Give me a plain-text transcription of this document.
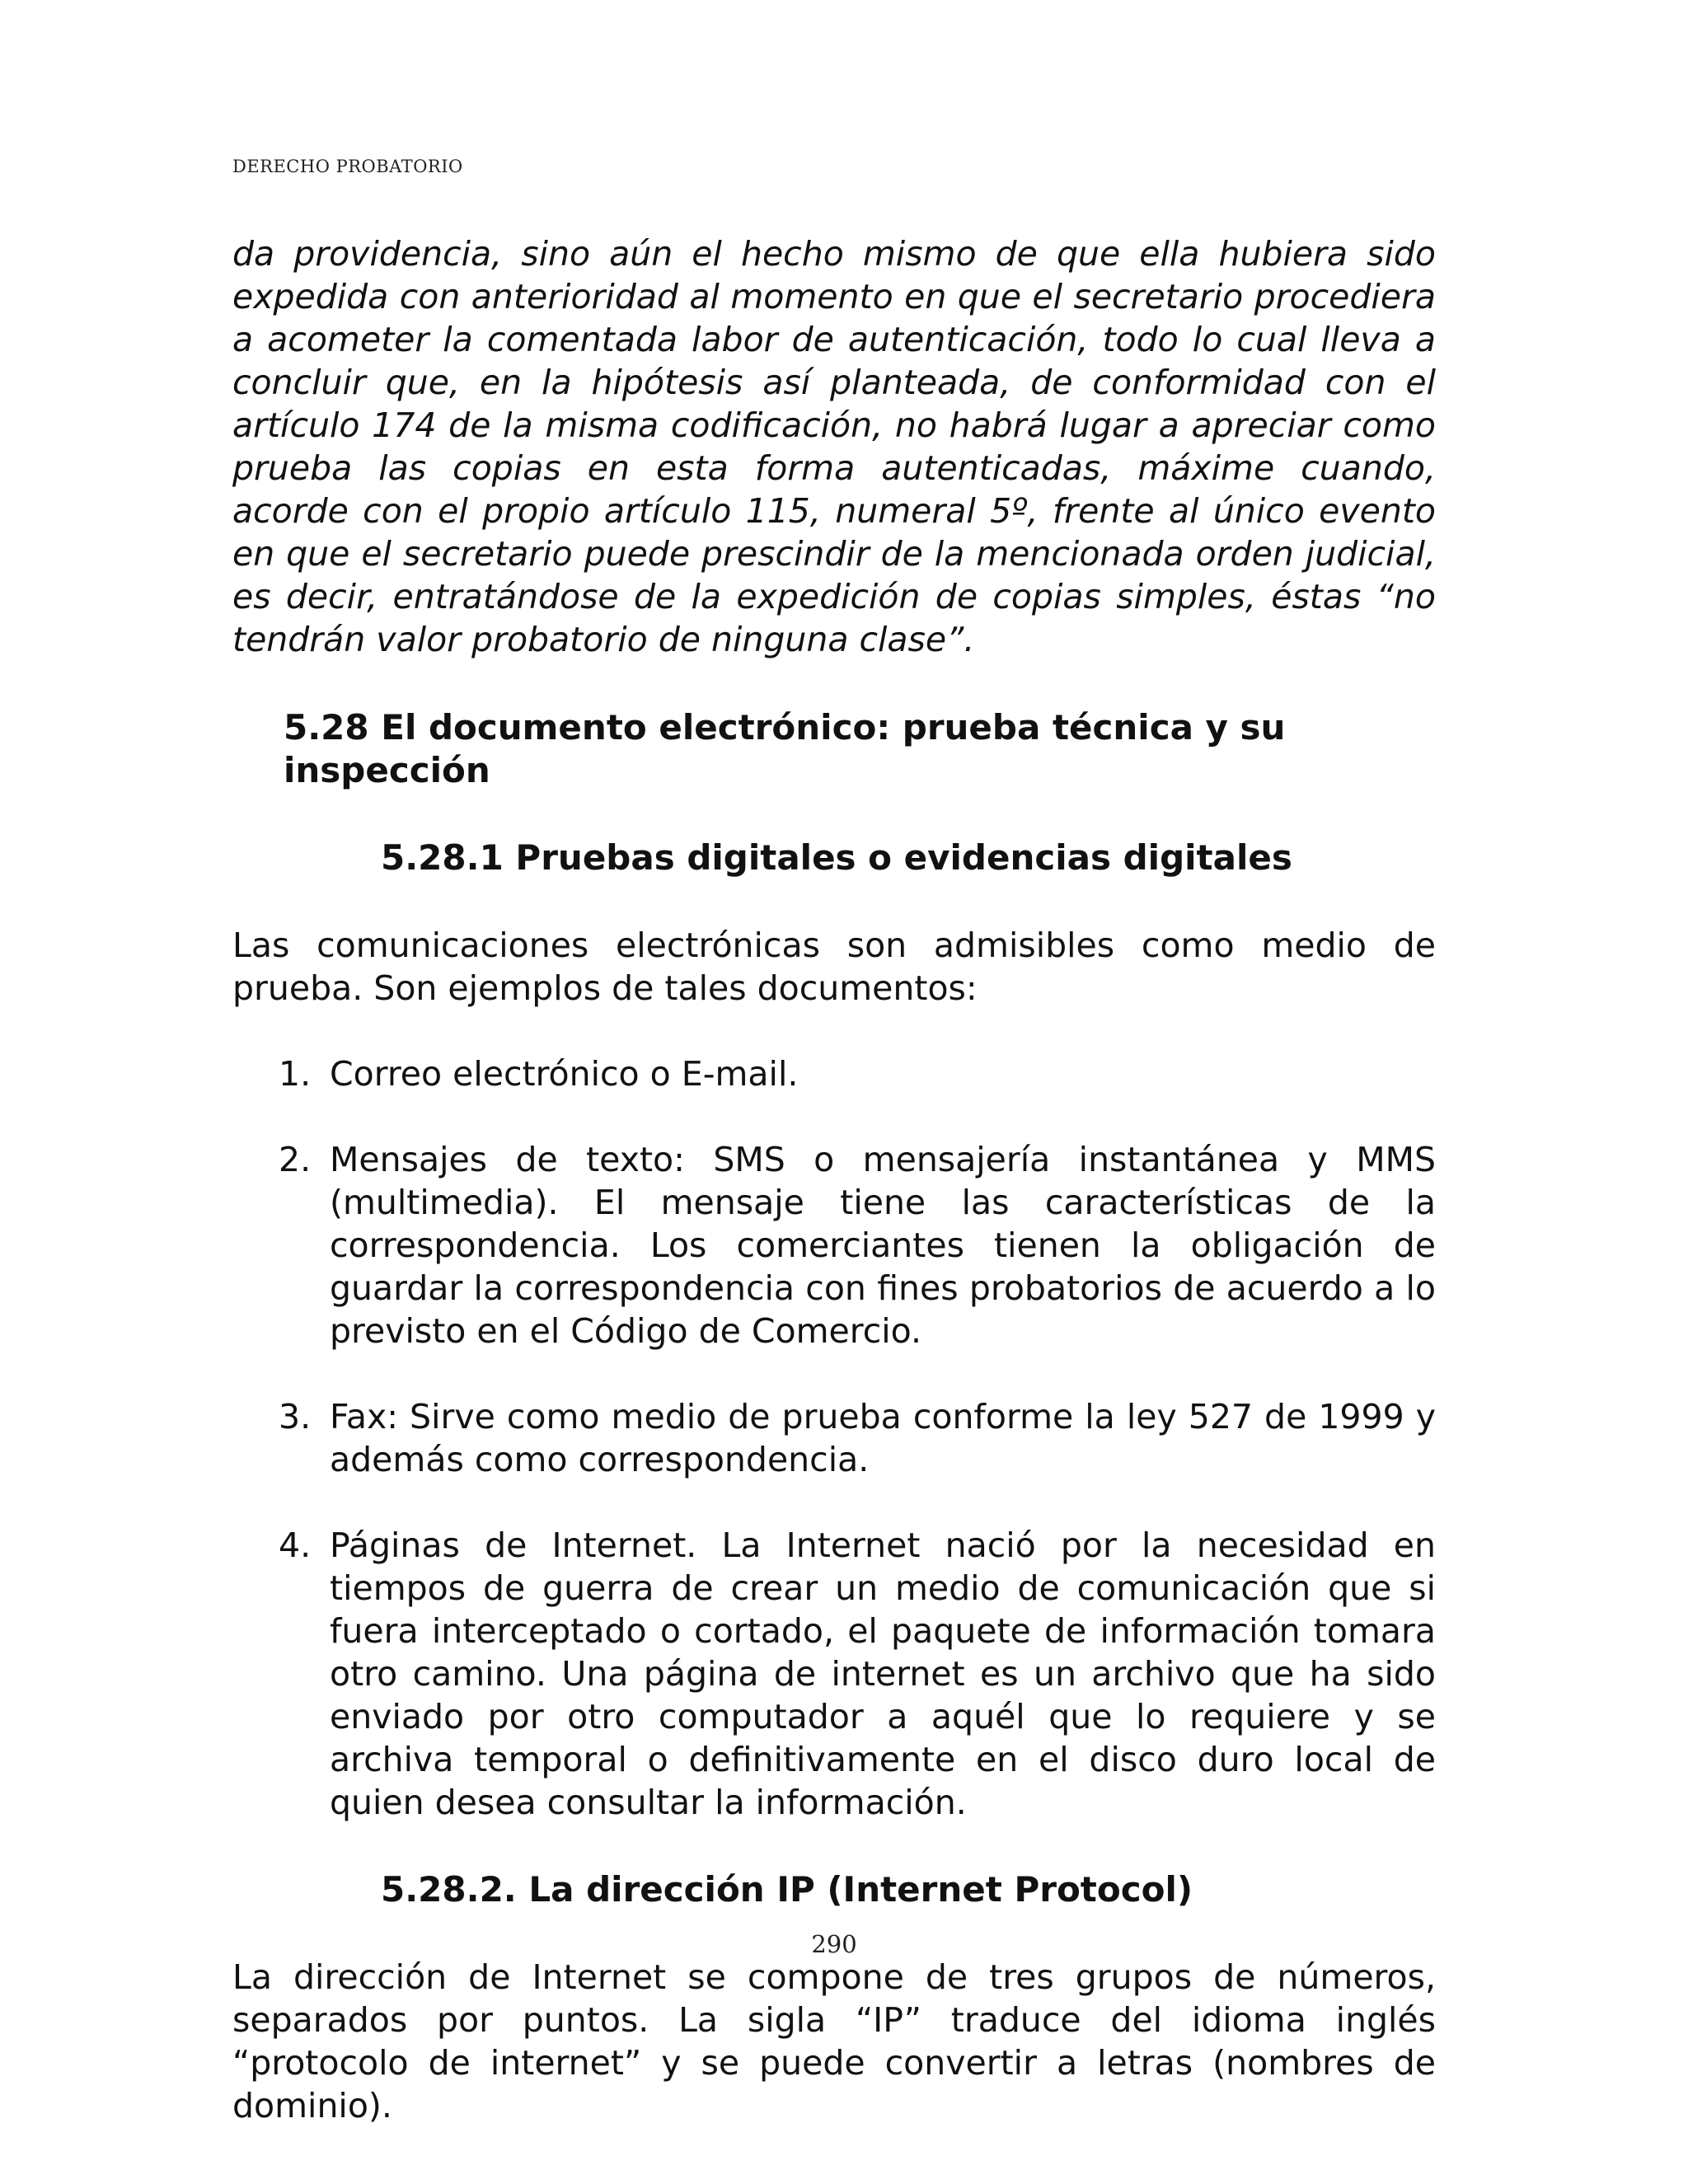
DERECHO PROBATORIO

da providencia, sino aún el hecho mismo de que ella hubiera sido expedida con anterioridad al momento en que el secretario procediera a acometer la comentada labor de autenticación, todo lo cual lleva a concluir que, en la hipótesis así planteada, de conformidad con el artículo 174 de la misma codificación, no habrá lugar a apreciar como prueba las copias en esta forma autenticadas, máxime cuando, acorde con el propio artículo 115, numeral 5º, frente al único evento en que el secretario puede prescindir de la mencionada orden judicial, es decir, entratándose de la expedición de copias simples, éstas “no tendrán valor probatorio de ninguna clase”.

5.28 El documento electrónico: prueba técnica y su inspección
5.28.1 Pruebas digitales o evidencias digitales

Las comunicaciones electrónicas son admisibles como medio de prueba. Son ejemplos de tales documentos:

1. Correo electrónico o E-mail.
2. Mensajes de texto: SMS o mensajería instantánea y MMS (multimedia). El mensaje tiene las características de la correspondencia. Los comerciantes tienen la obligación de guardar la correspondencia con fines probatorios de acuerdo a lo previsto en el Código de Comercio.
3. Fax: Sirve como medio de prueba conforme la ley 527 de 1999 y además como correspondencia.
4. Páginas de Internet. La Internet nació por la necesidad en tiempos de guerra de crear un medio de comunicación que si fuera interceptado o cortado, el paquete de información tomara otro camino. Una página de internet es un archivo que ha sido enviado por otro computador a aquél que lo requiere y se archiva temporal o definitivamente en el disco duro local de quien desea consultar la información.
5.28.2. La dirección IP (Internet Protocol)

La dirección de Internet se compone de tres grupos de números, separados por puntos. La sigla “IP” traduce del idioma inglés “protocolo de internet” y se puede convertir a letras (nombres de dominio).

290
